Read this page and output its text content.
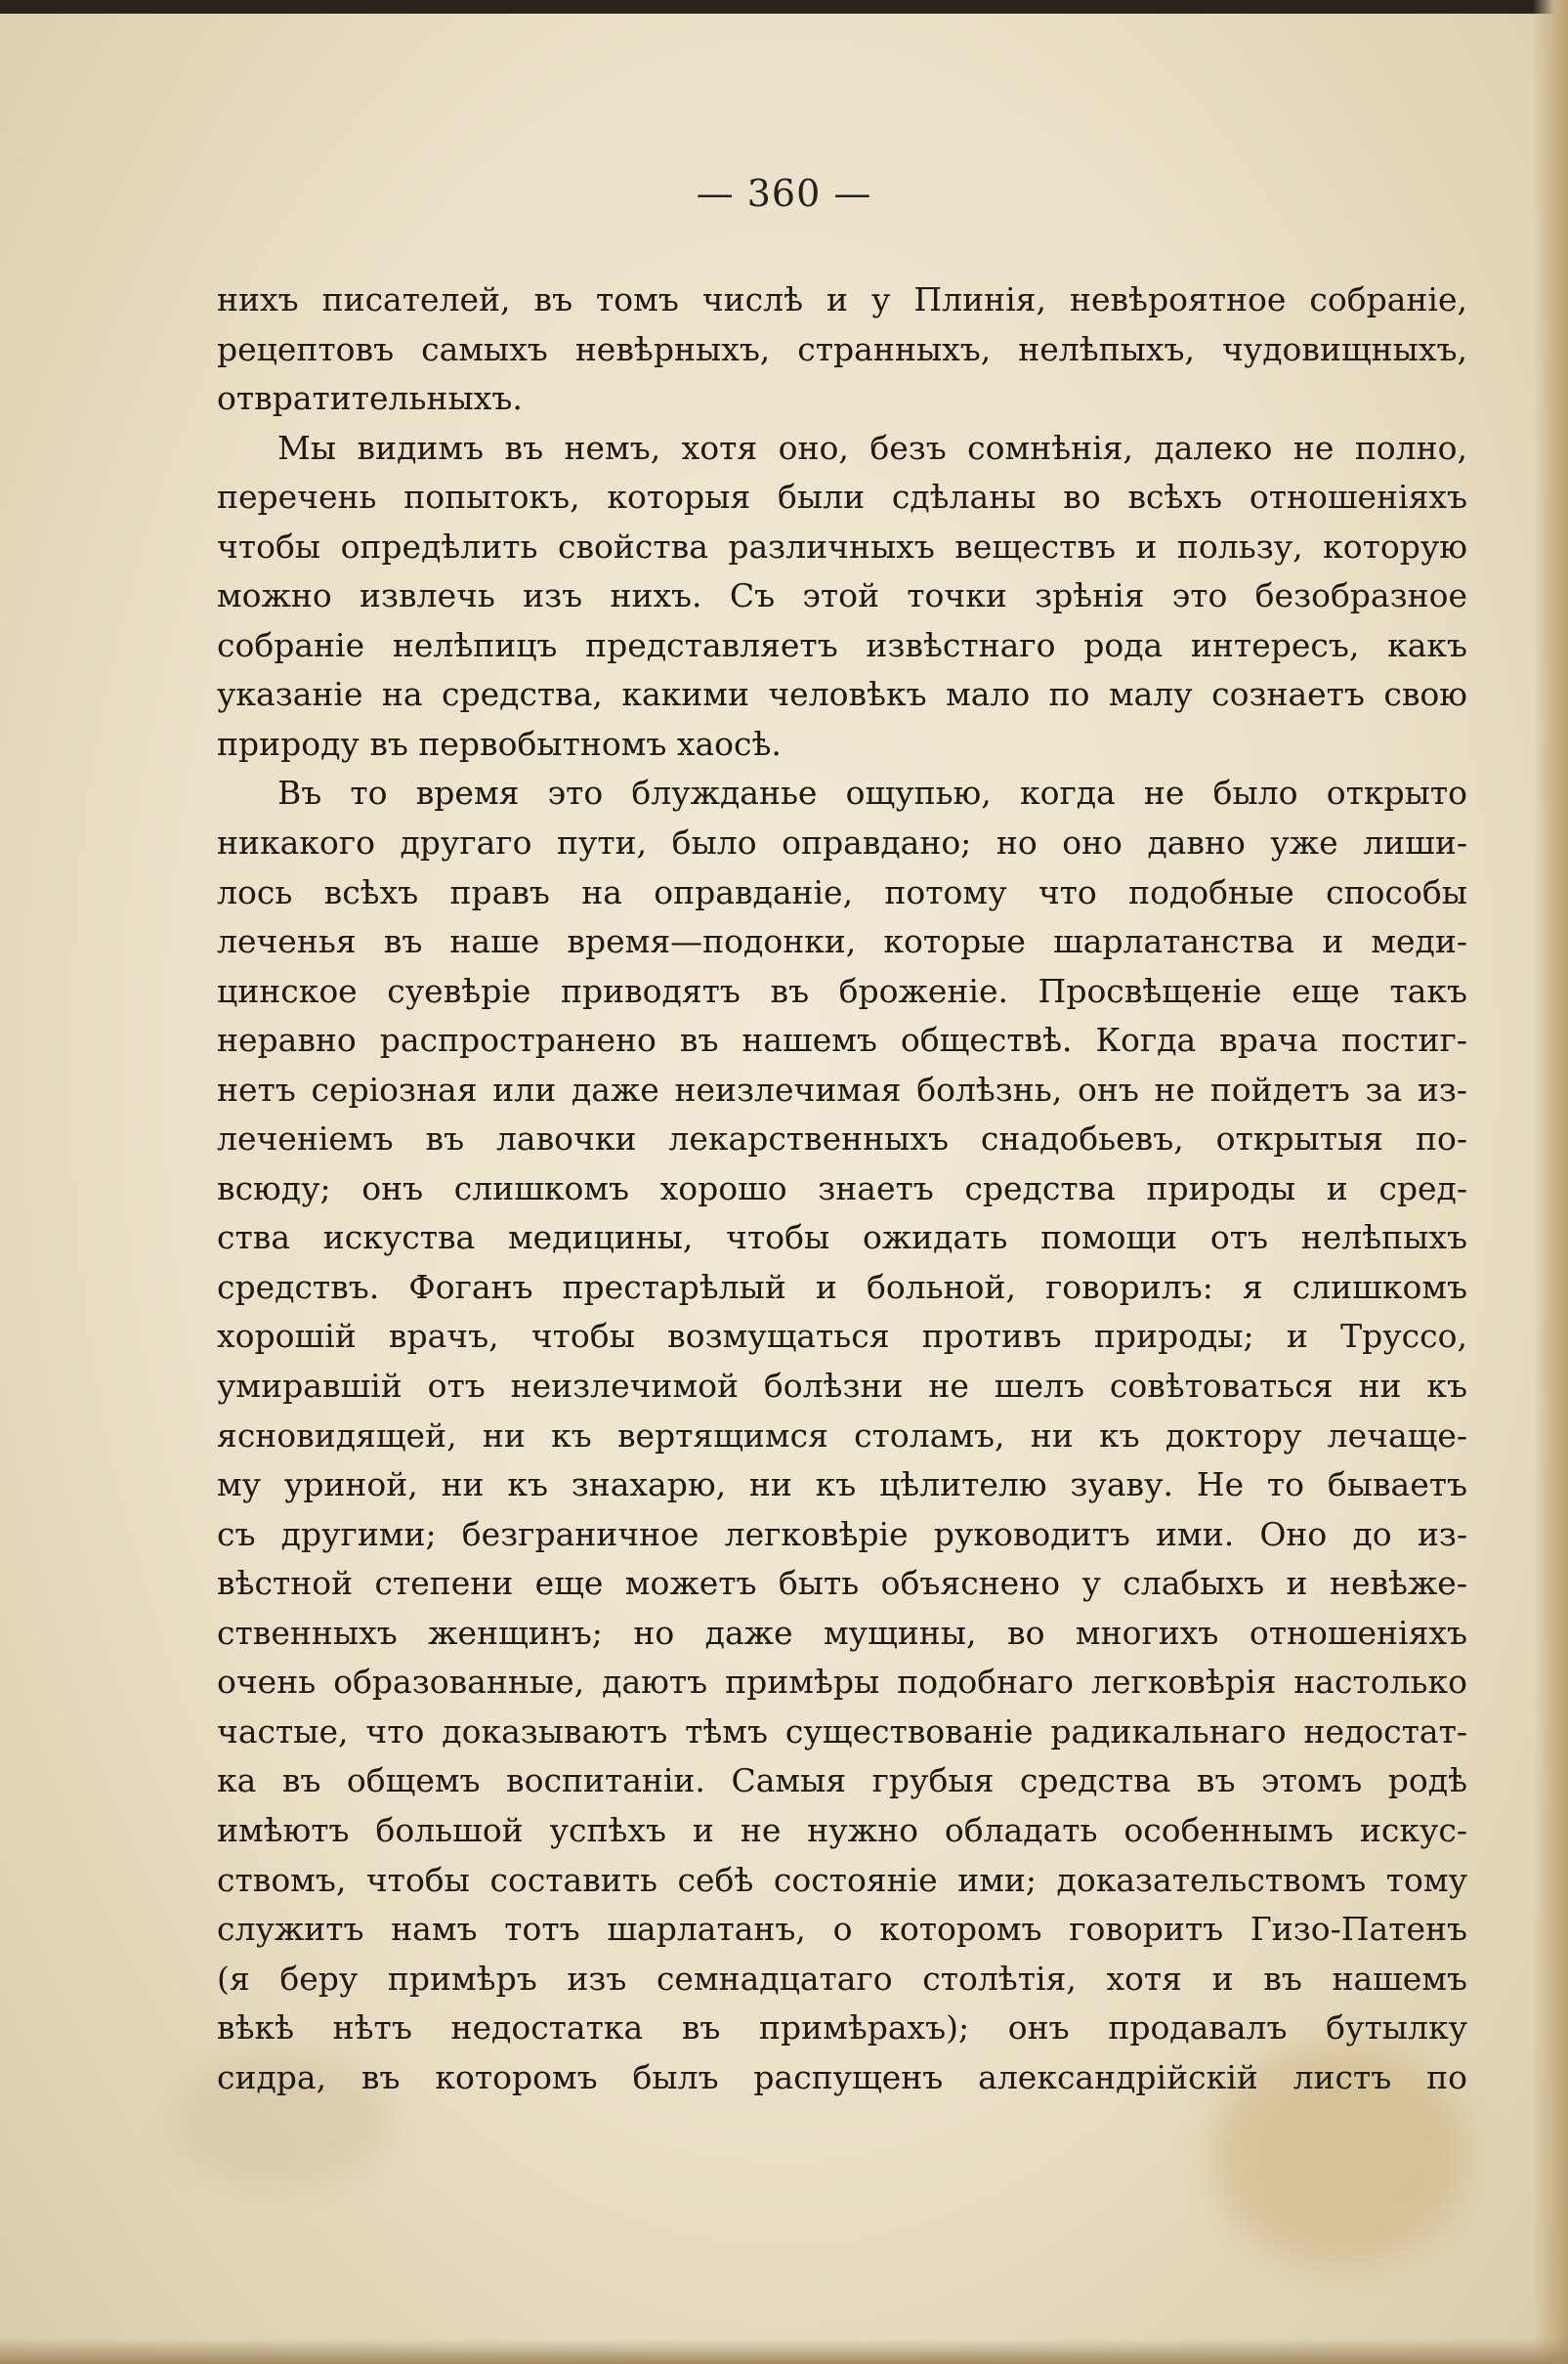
— 360 —
нихъ писателей, въ томъ числѣ и у Плинія, невѣроятное собраніе,
рецептовъ самыхъ невѣрныхъ, странныхъ, нелѣпыхъ, чудовищныхъ,
отвратительныхъ.
Мы видимъ въ немъ, хотя оно, безъ сомнѣнія, далеко не полно,
перечень попытокъ, которыя были сдѣланы во всѣхъ отношеніяхъ
чтобы опредѣлить свойства различныхъ веществъ и пользу, которую
можно извлечь изъ нихъ. Съ этой точки зрѣнія это безобразное
собраніе нелѣпицъ представляетъ извѣстнаго рода интересъ, какъ
указаніе на средства, какими человѣкъ мало по малу сознаетъ свою
природу въ первобытномъ хаосѣ.
Въ то время это блужданье ощупью, когда не было открыто
никакого другаго пути, было оправдано; но оно давно уже лиши-
лось всѣхъ правъ на оправданіе, потому что подобные способы
леченья въ наше время—подонки, которые шарлатанства и меди-
цинское суевѣріе приводятъ въ броженіе. Просвѣщеніе еще такъ
неравно распространено въ нашемъ обществѣ. Когда врача постиг-
нетъ серіозная или даже неизлечимая болѣзнь, онъ не пойдетъ за из-
леченіемъ въ лавочки лекарственныхъ снадобьевъ, открытыя по-
всюду; онъ слишкомъ хорошо знаетъ средства природы и сред-
ства искуства медицины, чтобы ожидать помощи отъ нелѣпыхъ
средствъ. Фоганъ престарѣлый и больной, говорилъ: я слишкомъ
хорошій врачъ, чтобы возмущаться противъ природы; и Труссо,
умиравшій отъ неизлечимой болѣзни не шелъ совѣтоваться ни къ
ясновидящей, ни къ вертящимся столамъ, ни къ доктору лечаще-
му уриной, ни къ знахарю, ни къ цѣлителю зуаву. Не то бываетъ
съ другими; безграничное легковѣріе руководитъ ими. Оно до из-
вѣстной степени еще можетъ быть объяснено у слабыхъ и невѣже-
ственныхъ женщинъ; но даже мущины, во многихъ отношеніяхъ
очень образованные, даютъ примѣры подобнаго легковѣрія настолько
частые, что доказываютъ тѣмъ существованіе радикальнаго недостат-
ка въ общемъ воспитаніи. Самыя грубыя средства въ этомъ родѣ
имѣютъ большой успѣхъ и не нужно обладать особеннымъ искус-
ствомъ, чтобы составить себѣ состояніе ими; доказательствомъ тому
служитъ намъ тотъ шарлатанъ, о которомъ говоритъ Гизо-Патенъ
(я беру примѣръ изъ семнадцатаго столѣтія, хотя и въ нашемъ
вѣкѣ нѣтъ недостатка въ примѣрахъ); онъ продавалъ бутылку
сидра, въ которомъ былъ распущенъ александрійскій листъ по
